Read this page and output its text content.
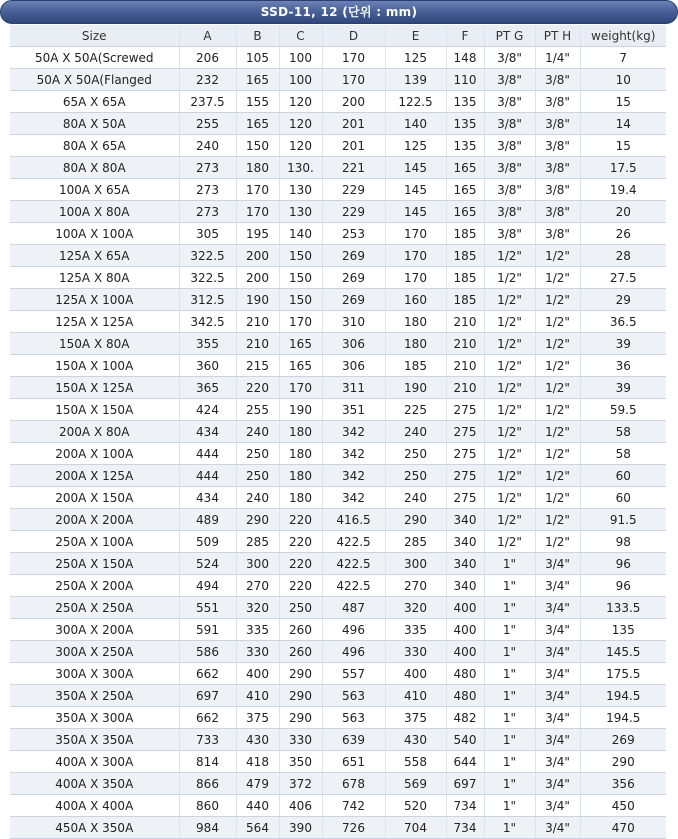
SSD-11, 12 (단위 : mm)
Size	A	B	C	D	E	F	PT G	PT H	weight(kg)
50A X 50A(Screwed	206	105	100	170	125	148	3/8"	1/4"	7
50A X 50A(Flanged	232	165	100	170	139	110	3/8"	3/8"	10
65A X 65A	237.5	155	120	200	122.5	135	3/8"	3/8"	15
80A X 50A	255	165	120	201	140	135	3/8"	3/8"	14
80A X 65A	240	150	120	201	125	135	3/8"	3/8"	15
80A X 80A	273	180	130.	221	145	165	3/8"	3/8"	17.5
100A X 65A	273	170	130	229	145	165	3/8"	3/8"	19.4
100A X 80A	273	170	130	229	145	165	3/8"	3/8"	20
100A X 100A	305	195	140	253	170	185	3/8"	3/8"	26
125A X 65A	322.5	200	150	269	170	185	1/2"	1/2"	28
125A X 80A	322.5	200	150	269	170	185	1/2"	1/2"	27.5
125A X 100A	312.5	190	150	269	160	185	1/2"	1/2"	29
125A X 125A	342.5	210	170	310	180	210	1/2"	1/2"	36.5
150A X 80A	355	210	165	306	180	210	1/2"	1/2"	39
150A X 100A	360	215	165	306	185	210	1/2"	1/2"	36
150A X 125A	365	220	170	311	190	210	1/2"	1/2"	39
150A X 150A	424	255	190	351	225	275	1/2"	1/2"	59.5
200A X 80A	434	240	180	342	240	275	1/2"	1/2"	58
200A X 100A	444	250	180	342	250	275	1/2"	1/2"	58
200A X 125A	444	250	180	342	250	275	1/2"	1/2"	60
200A X 150A	434	240	180	342	240	275	1/2"	1/2"	60
200A X 200A	489	290	220	416.5	290	340	1/2"	1/2"	91.5
250A X 100A	509	285	220	422.5	285	340	1/2"	1/2"	98
250A X 150A	524	300	220	422.5	300	340	1"	3/4"	96
250A X 200A	494	270	220	422.5	270	340	1"	3/4"	96
250A X 250A	551	320	250	487	320	400	1"	3/4"	133.5
300A X 200A	591	335	260	496	335	400	1"	3/4"	135
300A X 250A	586	330	260	496	330	400	1"	3/4"	145.5
300A X 300A	662	400	290	557	400	480	1"	3/4"	175.5
350A X 250A	697	410	290	563	410	480	1"	3/4"	194.5
350A X 300A	662	375	290	563	375	482	1"	3/4"	194.5
350A X 350A	733	430	330	639	430	540	1"	3/4"	269
400A X 300A	814	418	350	651	558	644	1"	3/4"	290
400A X 350A	866	479	372	678	569	697	1"	3/4"	356
400A X 400A	860	440	406	742	520	734	1"	3/4"	450
450A X 350A	984	564	390	726	704	734	1"	3/4"	470
